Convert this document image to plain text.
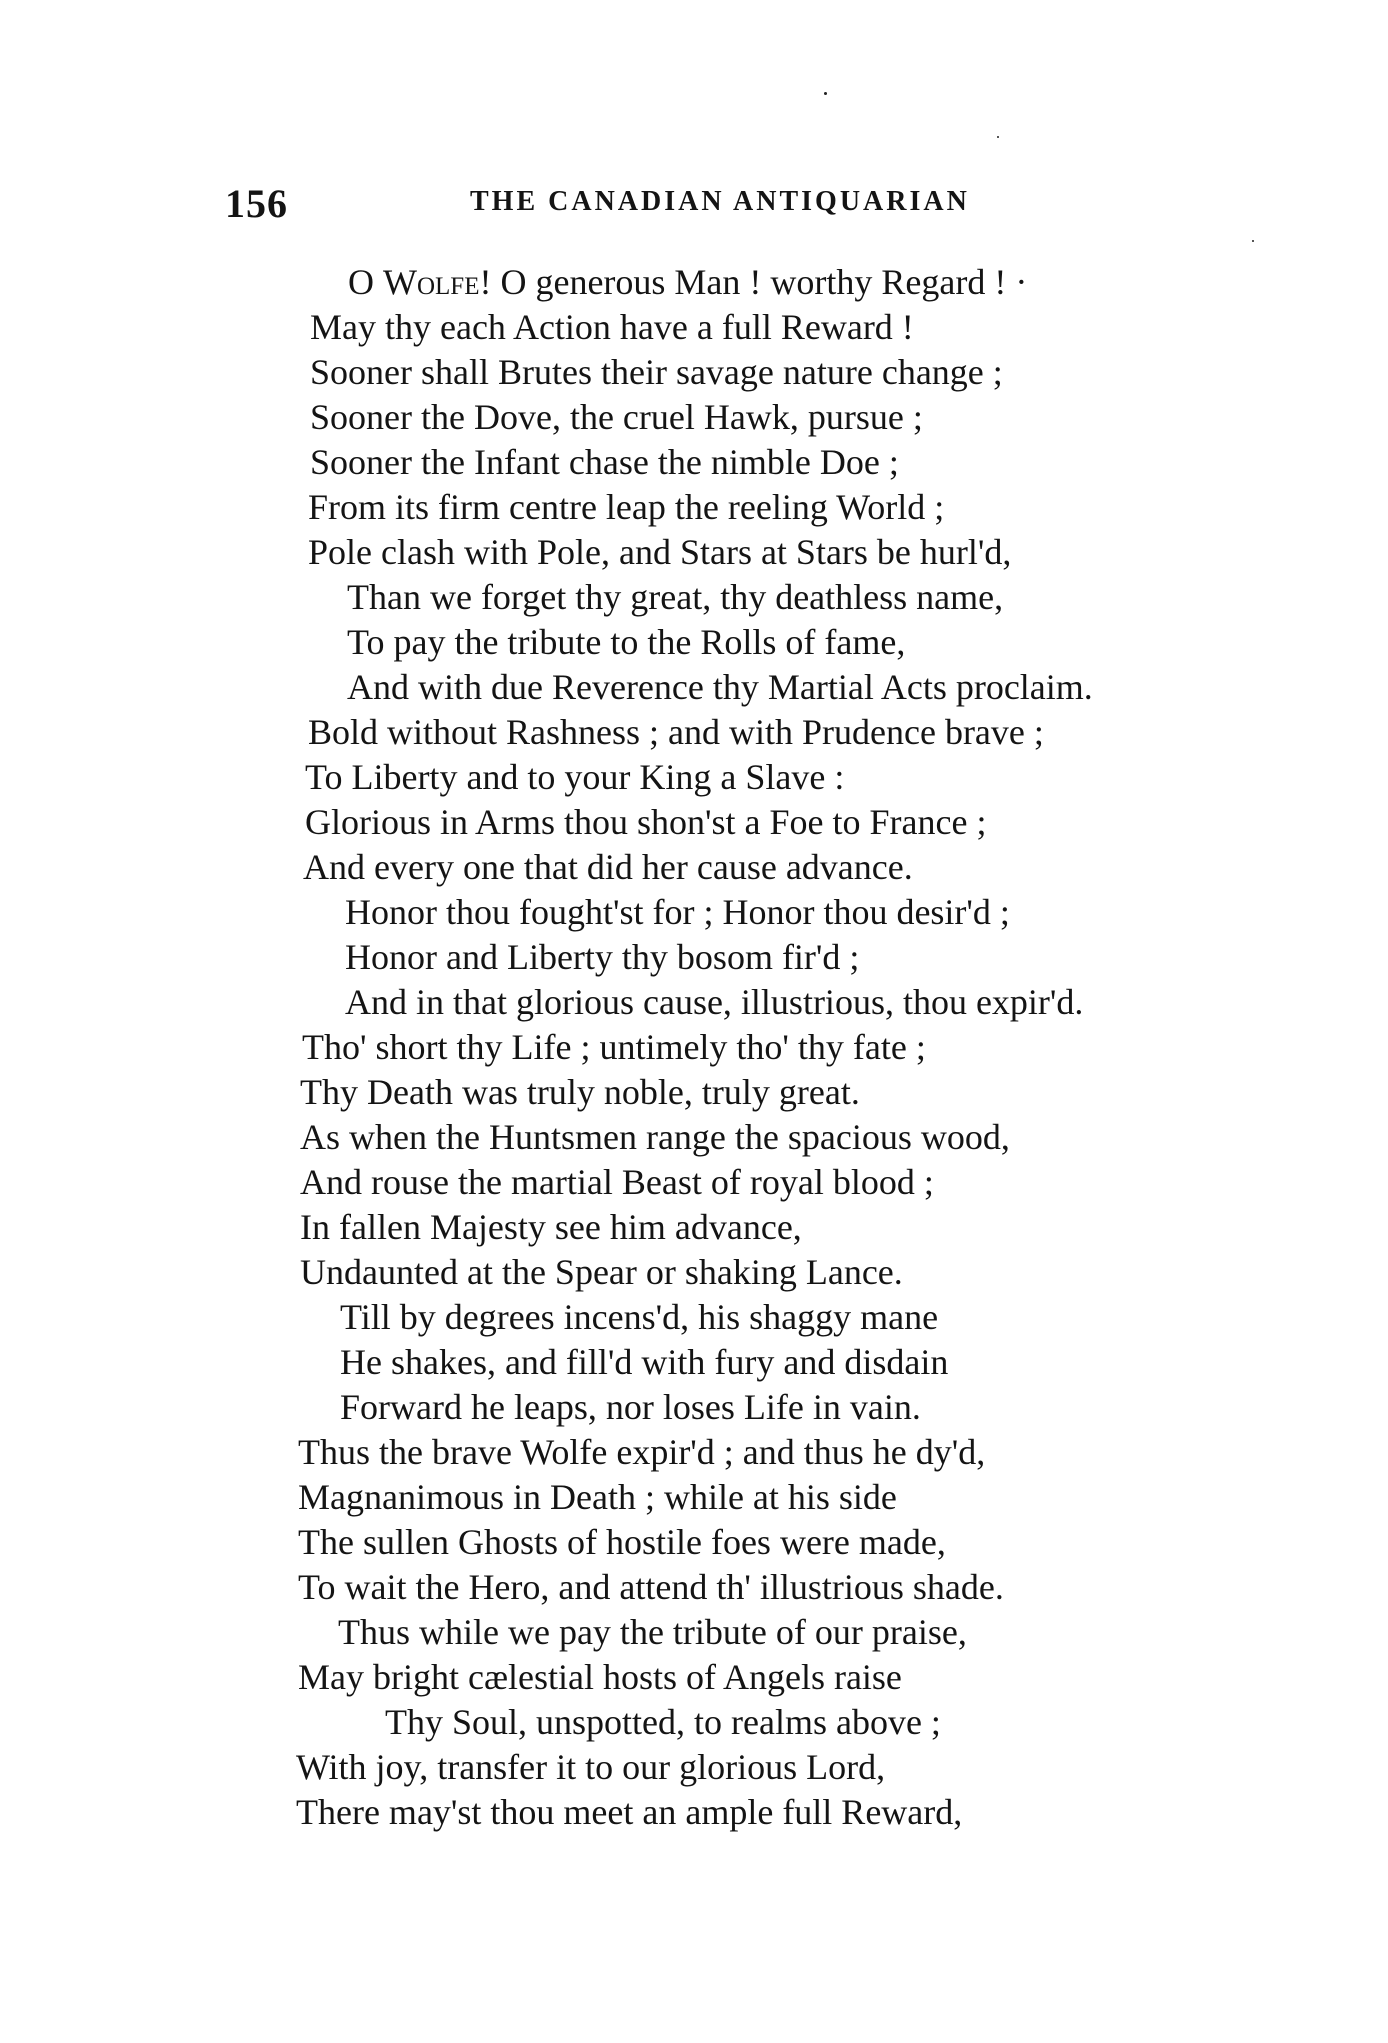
156	THE CANADIAN ANTIQUARIAN
O Wolfe! O generous Man ! worthy Regard ! ·
May thy each Action have a full Reward !
Sooner shall Brutes their savage nature change ;
Sooner the Dove, the cruel Hawk, pursue ;
Sooner the Infant chase the nimble Doe ;
From its firm centre leap the reeling World ;
Pole clash with Pole, and Stars at Stars be hurl'd,
Than we forget thy great, thy deathless name,
To pay the tribute to the Rolls of fame,
And with due Reverence thy Martial Acts proclaim.
Bold without Rashness ; and with Prudence brave ;
To Liberty and to your King a Slave :
Glorious in Arms thou shon'st a Foe to France ;
And every one that did her cause advance.
Honor thou fought'st for ; Honor thou desir'd ;
Honor and Liberty thy bosom fir'd ;
And in that glorious cause, illustrious, thou expir'd.
Tho' short thy Life ; untimely tho' thy fate ;
Thy Death was truly noble, truly great.
As when the Huntsmen range the spacious wood,
And rouse the martial Beast of royal blood ;
In fallen Majesty see him advance,
Undaunted at the Spear or shaking Lance.
Till by degrees incens'd, his shaggy mane
He shakes, and fill'd with fury and disdain
Forward he leaps, nor loses Life in vain.
Thus the brave Wolfe expir'd ; and thus he dy'd,
Magnanimous in Death ; while at his side
The sullen Ghosts of hostile foes were made,
To wait the Hero, and attend th' illustrious shade.
Thus while we pay the tribute of our praise,
May bright cælestial hosts of Angels raise
Thy Soul, unspotted, to realms above ;
With joy, transfer it to our glorious Lord,
There may'st thou meet an ample full Reward,
